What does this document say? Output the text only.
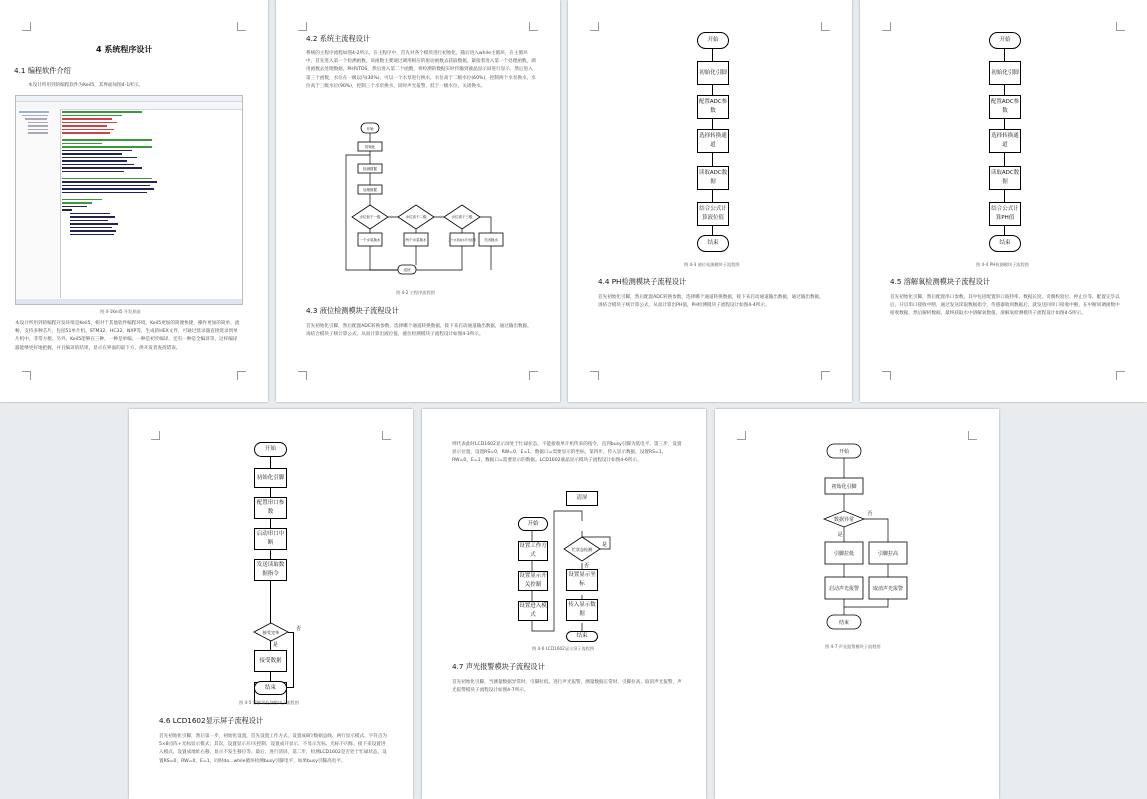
4 系统程序设计
4.1 编程软件介绍
本设计所用到的编程软件为Keil5，其界面如图4-1所示。
图 4-1Keil5 开发界面
本设计所用到的编程开发环境是Keil5，相对于其他软件编程环境，Keil5更加的简便快捷，操作更加的简单、流畅，支持多种芯片，包括51单片机、STM32、HC32、NXP等，生成的HEX文件，可通过烧录器直接烧录到单片机中，非常方便。另外，Keil5能够在三种，一种是单编，一种是初步编译，还有一种是全编译等，这样编译器能够更好地把握，并且编译的结果，显示在界面的最下方，供开发者查找错误。
4.2 系统主流程设计
系统的主程序流程如图4-2所示。在主程序中，首先对各个模块进行初始化，随后进入while主循环，在主循环中，首先进入第一个检测函数，该函数主要通过调用相应的驱动函数去获取数据，紧接着进入第一个处理函数，调用函数去处理数据，PH和TDS，然后进入第二个函数，将检测的数据实时传输到液晶显示屏进行显示，然后进入第三个函数，水位在一级以内(30%)，可以一个水泵进行换水，水位高于二级水位(60%)，控制两个水泵换水，水位高于三级水位(90%)，控制三个水泵换水，同时声光报警，低于一级水位，关闭换水。
开始
初始化
检测数据
处理数据
水位低于一级	水位高于二级	水位高于三级
一个水泵换水	两个水泵换水	三个水泵换水声光报警 关闭换水
返回
图 4-2 主程序流程图
4.3 液位检测模块子流程设计
首先初始化引脚，然后配置ADC转换参数，选择哪个通道转换数据，接下来启动通道输出数据，通过输出数据，再结合模块子统计算公式，从而计算出液位值，液位检测模块子流程设计如图4-3所示。
开始
初始化引脚
配置ADC参数
选择转换通道
读取ADC数据
结合公式计算液位值
结束
图 4-3 液位检测模块子流程图
4.4 PH检测模块子流程设计
首先初始化引脚，然后配置ADC转换参数，选择哪个通道转换数据，接下来启动通道输出数据，通过输出数据，再结合模块子统计算公式，从而计算出PH值，PH检测模块子流程设计如图4-4所示。
开始
初始化引脚
配置ADC参数
选择转换通道
读取ADC数据
结合公式计算PH值
结束
图 4-4 PH检测模块子流程图
4.5 溶解氧检测模块子流程设计
首先初始化引脚，然后配置串口参数，其中包括配置串口波特率、数据长度、奇偶校验位、停止位等，配置完毕以后，开启串口接收中断，通过发送读取数据指令，传感器收到数据后，就发送回串口接收中断，在中断回调函数中接收数据，然后解析数据，最终获取水中溶解氧数值，溶解氧检测模块子流程设计如图4-5所示。
开始
初始化引脚
配置串口参数
启动串口中断
发送读取数据指令
接受完毕
否
是
接受数据
结束
图 4-5 溶解氧检测模块子流程图
4.6 LCD1602显示屏子流程设计
首先初始化引脚，然后第一步，初始化设置，首先设置工作方式，设置成8位数据总线、两行显示模式、字符点为5×8点阵+光标显示模式；其次，设置显示开/关控制，设置成开显示，不显示光标、光标不闪烁，接下来设置进入模式，设置成地址右移，显示不发生移位等。最后，进行清屏，第二步，检测LCD1602是否处于忙碌状态，设置RS=0，RW=0，E=1，同时do...while循环检测busy引脚电平，如果busy引脚高电平。
则代表此时LCD1602显示屏处于忙碌状态，不能接收单片机传来的指令，直到busy引脚为低电平。第三步，设置显示位置，设置RS=0，RW=0，E=1，数据口=需要显示的坐标，第四步，传入显示数据，设置RS=1，RW=0，E=1，数据口=需要显示的数据。LCD1602液晶显示模块子流程设计如图4-6所示。
忙状态检测
是
否
开始
设置工作方式
设置显示开关控制
设置进入模式
清屏
设置显示坐标
传入显示数据
结束
图 4-6 LCD1602显示屏子流程图
4.7 声光报警模块子流程设计
首先初始化引脚，当测量数据异常时，引脚拉低，进行声光报警，测量数据正常时，引脚拉高，取消声光报警，声光报警模块子流程设计如图4-7所示。
开始
初始化引脚
数据异常
引脚拉低	引脚拉高
启动声光报警	取消声光报警
结束
是
否
图 4-7 声光报警模块子流程图
